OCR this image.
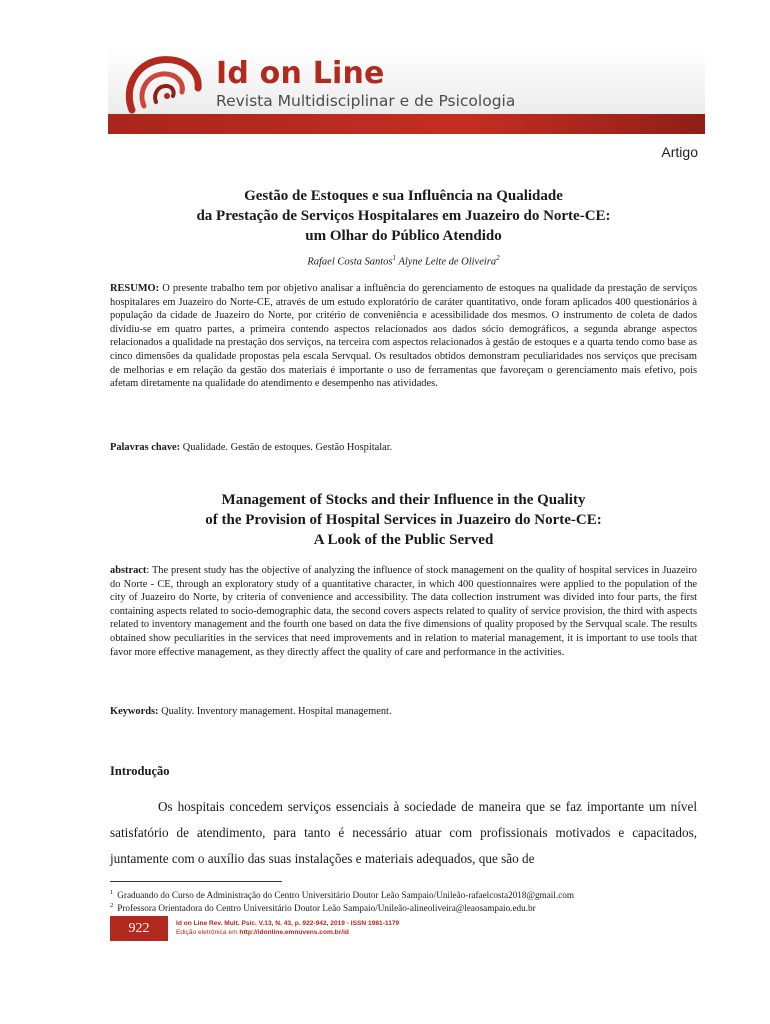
Id on Line
Revista Multidisciplinar e de Psicologia
Artigo
Gestão de Estoques e sua Influência na Qualidade
da Prestação de Serviços Hospitalares em Juazeiro do Norte-CE:
um Olhar do Público Atendido
Rafael Costa Santos$^1$ Alyne Leite de Oliveira$^2$
RESUMO: O presente trabalho tem por objetivo analisar a influência do gerenciamento de estoques na qualidade da prestação de serviços hospitalares em Juazeiro do Norte-CE, através de um estudo exploratório de caráter quantitativo, onde foram aplicados 400 questionários à população da cidade de Juazeiro do Norte, por critério de conveniência e acessibilidade dos mesmos. O instrumento de coleta de dados dividiu-se em quatro partes, a primeira contendo aspectos relacionados aos dados sócio demográficos, a segunda abrange aspectos relacionados a qualidade na prestação dos serviços, na terceira com aspectos relacionados à gestão de estoques e a quarta tendo como base as cinco dimensões da qualidade propostas pela escala Servqual. Os resultados obtidos demonstram peculiaridades nos serviços que precisam de melhorias e em relação da gestão dos materiais é importante o uso de ferramentas que favoreçam o gerenciamento mais efetivo, pois afetam diretamente na qualidade do atendimento e desempenho nas atividades.
Palavras chave: Qualidade. Gestão de estoques. Gestão Hospitalar.
Management of Stocks and their Influence in the Quality
of the Provision of Hospital Services in Juazeiro do Norte-CE:
A Look of the Public Served
abstract: The present study has the objective of analyzing the influence of stock management on the quality of hospital services in Juazeiro do Norte - CE, through an exploratory study of a quantitative character, in which 400 questionnaires were applied to the population of the city of Juazeiro do Norte, by criteria of convenience and accessibility. The data collection instrument was divided into four parts, the first containing aspects related to socio-demographic data, the second covers aspects related to quality of service provision, the third with aspects related to inventory management and the fourth one based on data the five dimensions of quality proposed by the Servqual scale. The results obtained show peculiarities in the services that need improvements and in relation to material management, it is important to use tools that favor more effective management, as they directly affect the quality of care and performance in the activities.
Keywords: Quality. Inventory management. Hospital management.
Introdução
Os hospitais concedem serviços essenciais à sociedade de maneira que se faz importante um nível satisfatório de atendimento, para tanto é necessário atuar com profissionais motivados e capacitados, juntamente com o auxílio das suas instalações e materiais adequados, que são de
$^1$ Graduando do Curso de Administração do Centro Universitário Doutor Leão Sampaio/Unileão-rafaelcosta2018@gmail.com
$^2$ Professora Orientadora do Centro Universitário Doutor Leão Sampaio/Unileão-alineoliveira@leaosampaio.edu.br
922	Id on Line Rev. Mult. Psic. V.13, N. 43, p. 922-942, 2019 - ISSN 1981-1179
Edição eletrônica em http://idonline.emnuvens.com.br/id
